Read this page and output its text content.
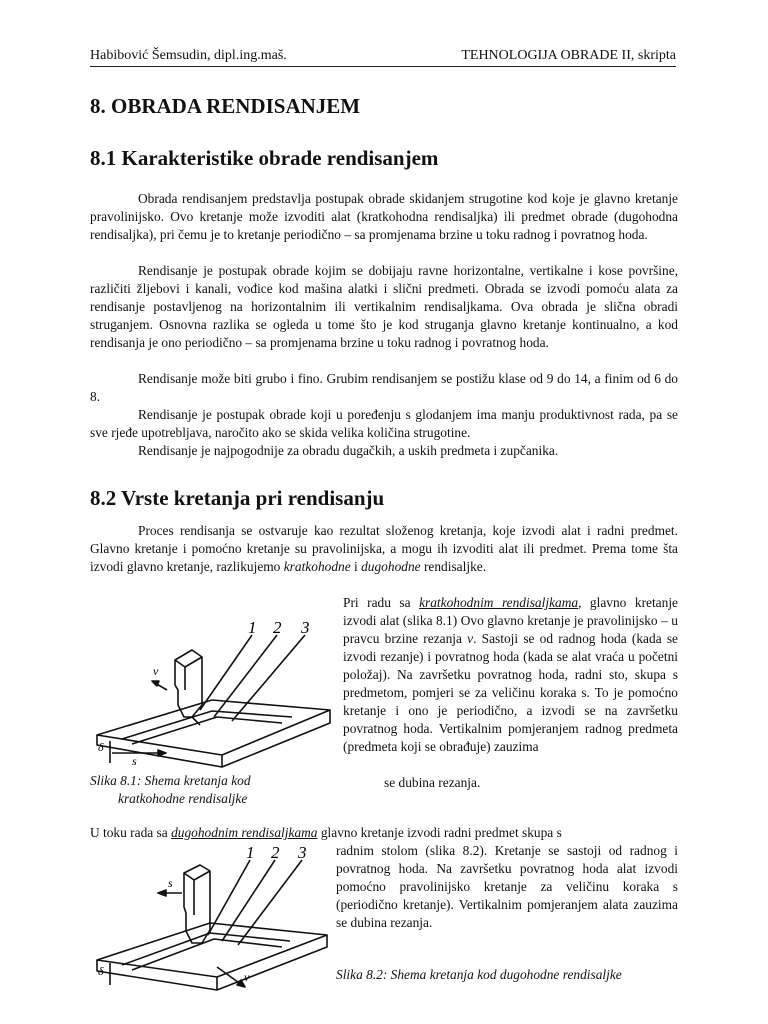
Habibović Šemsudin, dipl.ing.maš.	TEHNOLOGIJA OBRADE II, skripta
8. OBRADA RENDISANJEM
8.1 Karakteristike obrade rendisanjem

Obrada rendisanjem predstavlja postupak obrade skidanjem strugotine kod koje je glavno kretanje pravolinijsko. Ovo kretanje može izvoditi alat (kratkohodna rendisaljka) ili predmet obrade (dugohodna rendisaljka), pri čemu je to kretanje periodično – sa promjenama brzine u toku radnog i povratnog hoda.

Rendisanje je postupak obrade kojim se dobijaju ravne horizontalne, vertikalne i kose površine, različiti žljebovi i kanali, vođice kod mašina alatki i slični predmeti. Obrada se izvodi pomoću alata za rendisanje postavljenog na horizontalnim ili vertikalnim rendisaljkama. Ova obrada je slična obradi struganjem. Osnovna razlika se ogleda u tome što je kod struganja glavno kretanje kontinualno, a kod rendisanja je ono periodično – sa promjenama brzine u toku radnog i povratnog hoda.

Rendisanje može biti grubo i fino. Grubim rendisanjem se postižu klase od 9 do 14, a finim od 6 do 8.

Rendisanje je postupak obrade koji u poređenju s glodanjem ima manju produktivnost rada, pa se sve rjeđe upotrebljava, naročito ako se skida velika količina strugotine.

Rendisanje je najpogodnije za obradu dugačkih, a uskih predmeta i zupčanika.

8.2 Vrste kretanja pri rendisanju

Proces rendisanja se ostvaruje kao rezultat složenog kretanja, koje izvodi alat i radni predmet. Glavno kretanje i pomoćno kretanje su pravolinijska, a mogu ih izvoditi alat ili predmet. Prema tome šta izvodi glavno kretanje, razlikujemo kratkohodne i dugohodne rendisaljke.

Pri radu sa kratkohodnim rendisaljkama, glavno kretanje izvodi alat (slika 8.1) Ovo glavno kretanje je pravolinijsko – u pravcu brzine rezanja v. Sastoji se od radnog hoda (kada se izvodi rezanje) i povratnog hoda (kada se alat vraća u početni položaj). Na završetku povratnog hoda, radni sto, skupa s predmetom, pomjeri se za veličinu koraka s. To je pomoćno kretanje i ono je periodično, a izvodi se na završetku povratnog hoda. Vertikalnim pomjeranjem radnog predmeta (predmeta koji se obrađuje) zauzima

se dubina rezanja.

1 2 3
v
s
δ

Slika 8.1: Shema kretanja kod

kratkohodne rendisaljke

U toku rada sa dugohodnim rendisaljkama glavno kretanje izvodi radni predmet skupa s

radnim stolom (slika 8.2). Kretanje se sastoji od radnog i povratnog hoda. Na završetku povratnog hoda alat izvodi pomoćno pravolinijsko kretanje za veličinu koraka s (periodično kretanje). Vertikalnim pomjeranjem alata zauzima se dubina rezanja.

1 2 3
s
v
δ	Slika 8.2: Shema kretanja kod dugohodne rendisaljke
